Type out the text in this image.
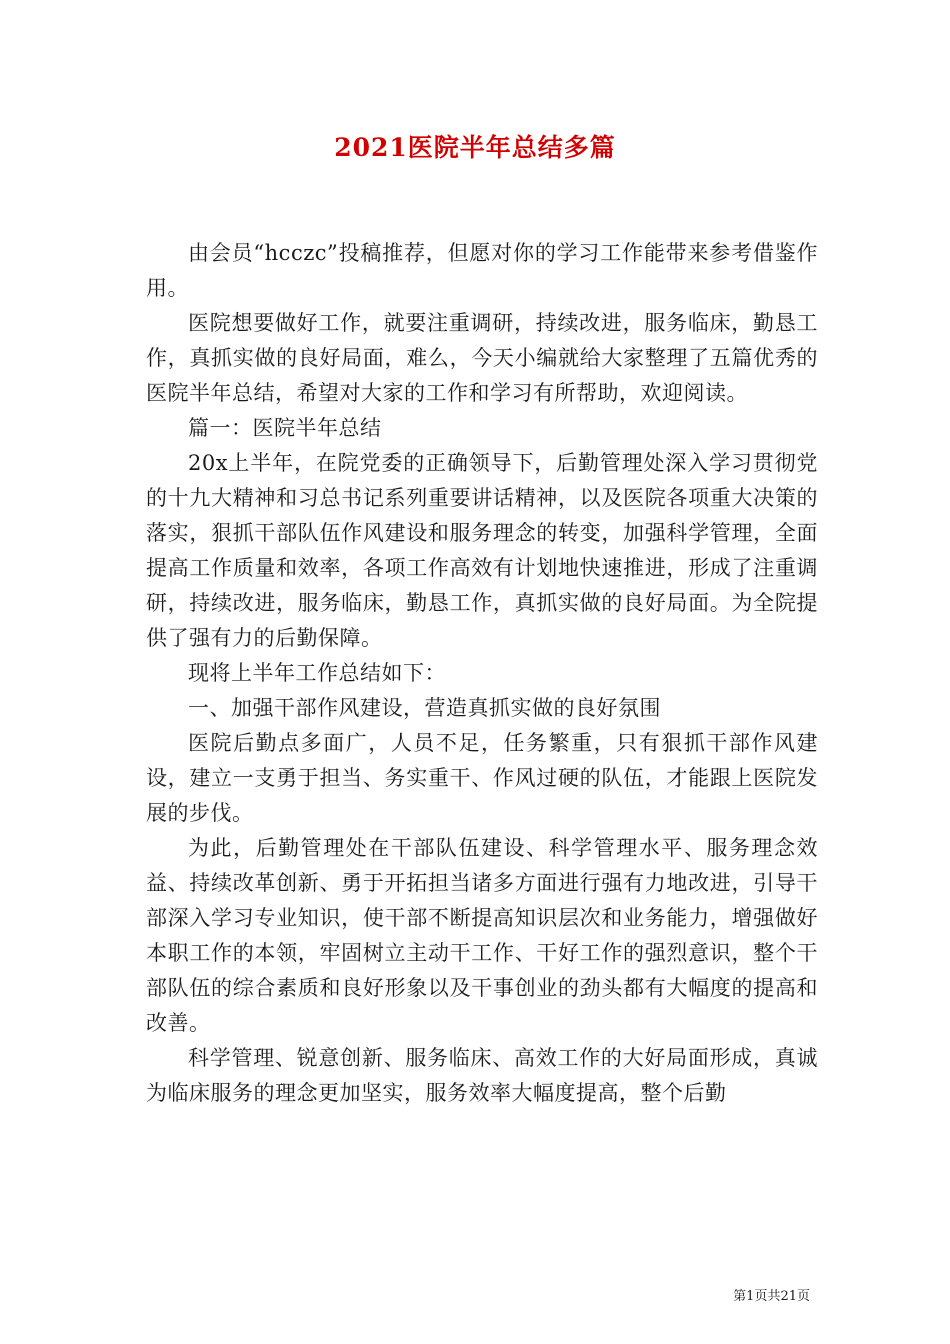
2021医院半年总结多篇

由会员“hcczc”投稿推荐，但愿对你的学习工作能带来参考借鉴作用。

医院想要做好工作，就要注重调研，持续改进，服务临床，勤恳工作，真抓实做的良好局面，难么，今天小编就给大家整理了五篇优秀的医院半年总结，希望对大家的工作和学习有所帮助，欢迎阅读。

篇一：医院半年总结

20x上半年，在院党委的正确领导下，后勤管理处深入学习贯彻党的十九大精神和习总书记系列重要讲话精神，以及医院各项重大决策的落实，狠抓干部队伍作风建设和服务理念的转变，加强科学管理，全面提高工作质量和效率，各项工作高效有计划地快速推进，形成了注重调研，持续改进，服务临床，勤恳工作，真抓实做的良好局面。为全院提供了强有力的后勤保障。

现将上半年工作总结如下：

一、加强干部作风建设，营造真抓实做的良好氛围

医院后勤点多面广，人员不足，任务繁重，只有狠抓干部作风建设，建立一支勇于担当、务实重干、作风过硬的队伍，才能跟上医院发展的步伐。

为此，后勤管理处在干部队伍建设、科学管理水平、服务理念效益、持续改革创新、勇于开拓担当诸多方面进行强有力地改进，引导干部深入学习专业知识，使干部不断提高知识层次和业务能力，增强做好本职工作的本领，牢固树立主动干工作、干好工作的强烈意识，整个干部队伍的综合素质和良好形象以及干事创业的劲头都有大幅度的提高和改善。

科学管理、锐意创新、服务临床、高效工作的大好局面形成，真诚为临床服务的理念更加坚实，服务效率大幅度提高，整个后勤

第1页共21页
